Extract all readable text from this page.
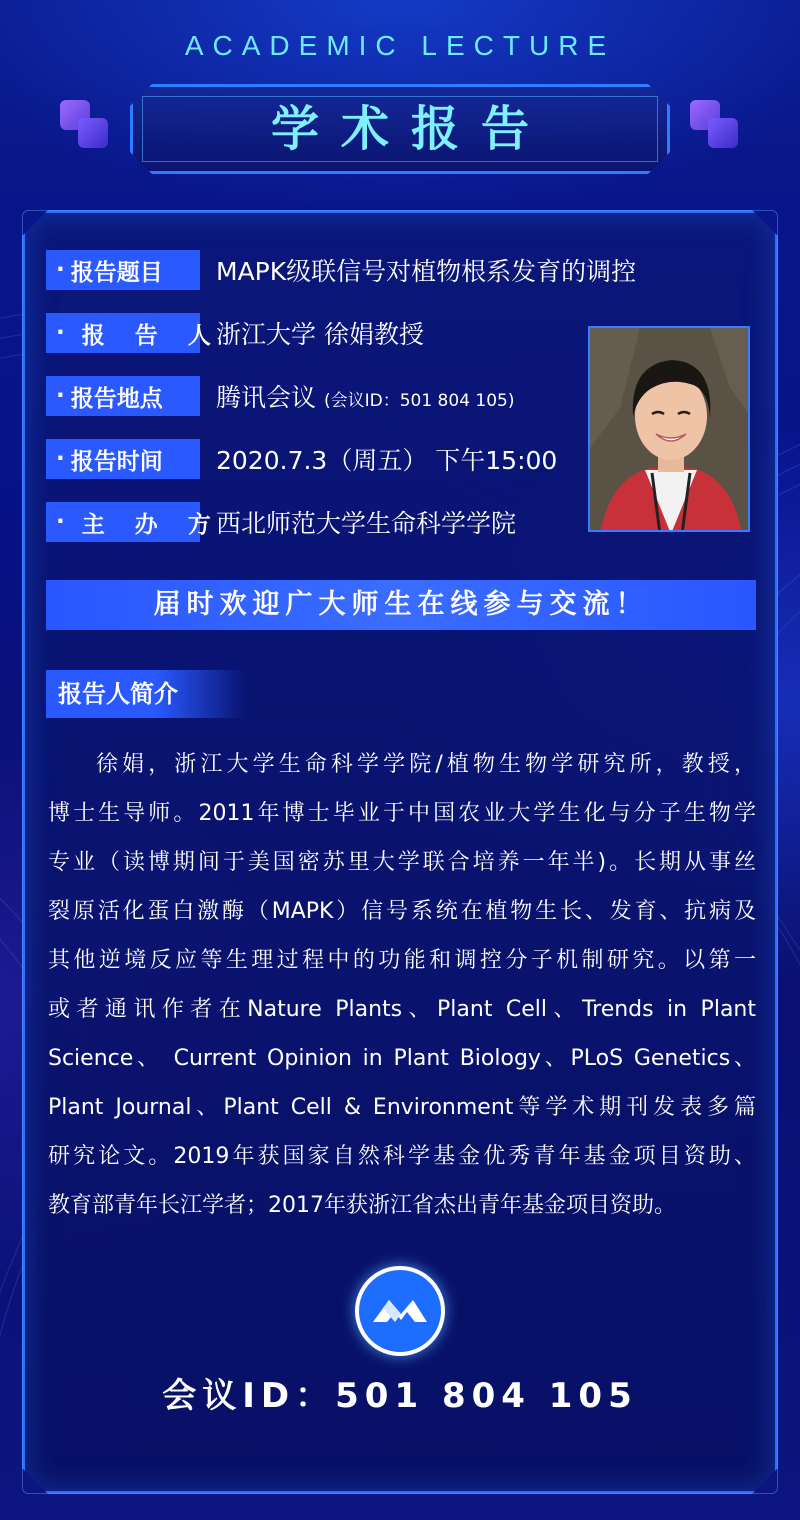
ACADEMIC LECTURE
学术报告
· 报告题目 MAPK级联信号对植物根系发育的调控
· 报 告 人
浙江大学 徐娟教授
· 报告地点 腾讯会议 (会议ID：501 804 105)
· 报告时间 2020.7.3（周五） 下午15:00
· 主 办 方
西北师范大学生命科学学院
届时欢迎广大师生在线参与交流！
报告人简介
徐娟，浙江大学生命科学学院/植物生物学研究所，教授，
博士生导师。2011年博士毕业于中国农业大学生化与分子生物学
专业（读博期间于美国密苏里大学联合培养一年半)。长期从事丝
裂原活化蛋白激酶（MAPK）信号系统在植物生长、发育、抗病及
其他逆境反应等生理过程中的功能和调控分子机制研究。以第一
或者通讯作者在Nature Plants、Plant Cell、Trends in Plant
Science、 Current Opinion in Plant Biology、PLoS Genetics、
Plant Journal、Plant Cell & Environment等学术期刊发表多篇
研究论文。2019年获国家自然科学基金优秀青年基金项目资助、
教育部青年长江学者；2017年获浙江省杰出青年基金项目资助。
会议ID：501 804 105
